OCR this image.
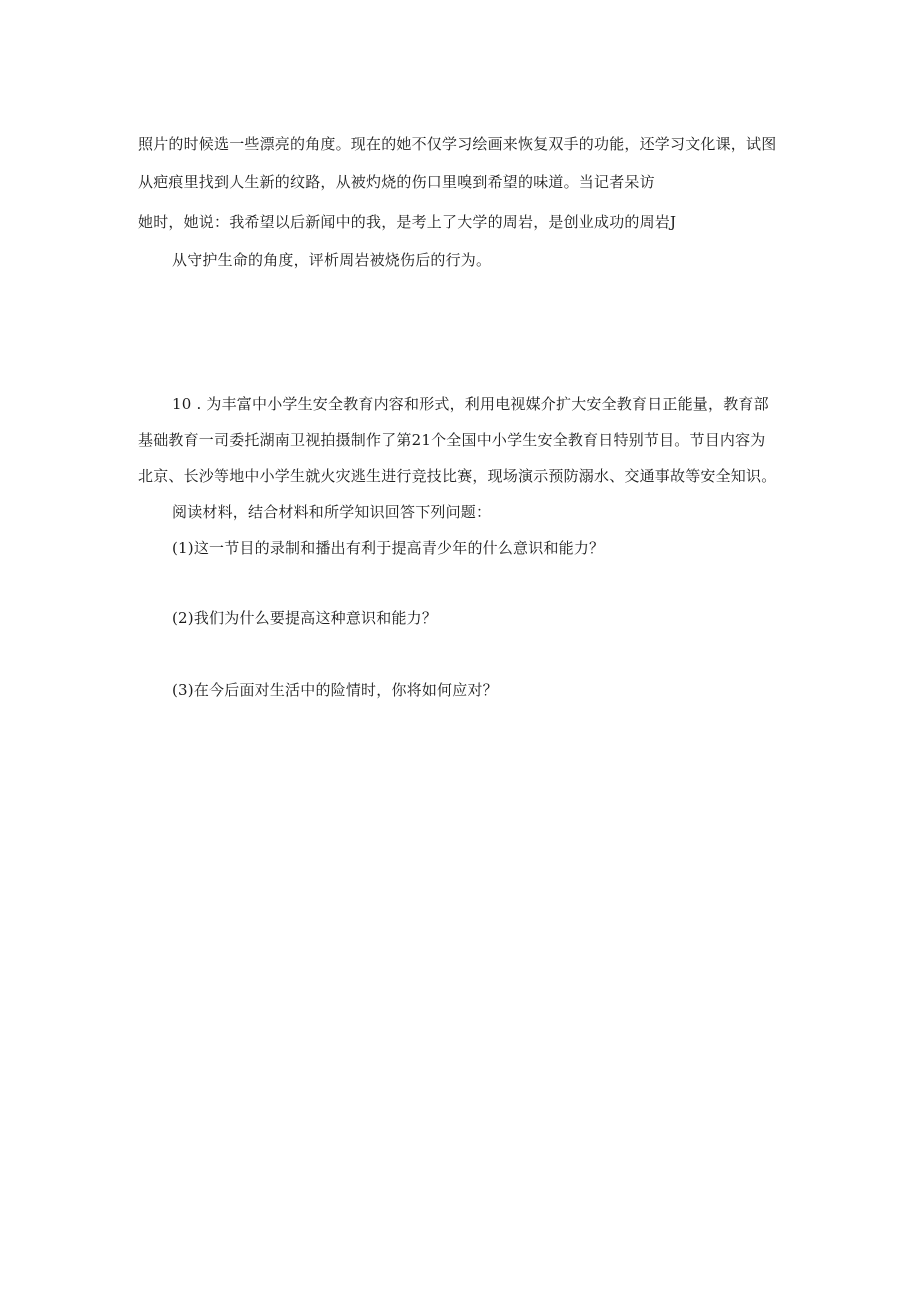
照片的时候选一些漂亮的角度。现在的她不仅学习绘画来恢复双手的功能，还学习文化课，试图
从疤痕里找到人生新的纹路，从被灼烧的伤口里嗅到希望的味道。当记者呆访
她时，她说：我希望以后新闻中的我，是考上了大学的周岩，是创业成功的周岩J
从守护生命的角度，评析周岩被烧伤后的行为。
10 . 为丰富中小学生安全教育内容和形式，利用电视媒介扩大安全教育日正能量，教育部
基础教育一司委托湖南卫视拍摄制作了第21个全国中小学生安全教育日特别节目。节目内容为
北京、长沙等地中小学生就火灾逃生进行竞技比赛，现场演示预防溺水、交通事故等安全知识。
阅读材料，结合材料和所学知识回答下列问题：
(1)这一节目的录制和播出有利于提高青少年的什么意识和能力？
(2)我们为什么要提高这种意识和能力？
(3)在今后面对生活中的险情时，你将如何应对？
